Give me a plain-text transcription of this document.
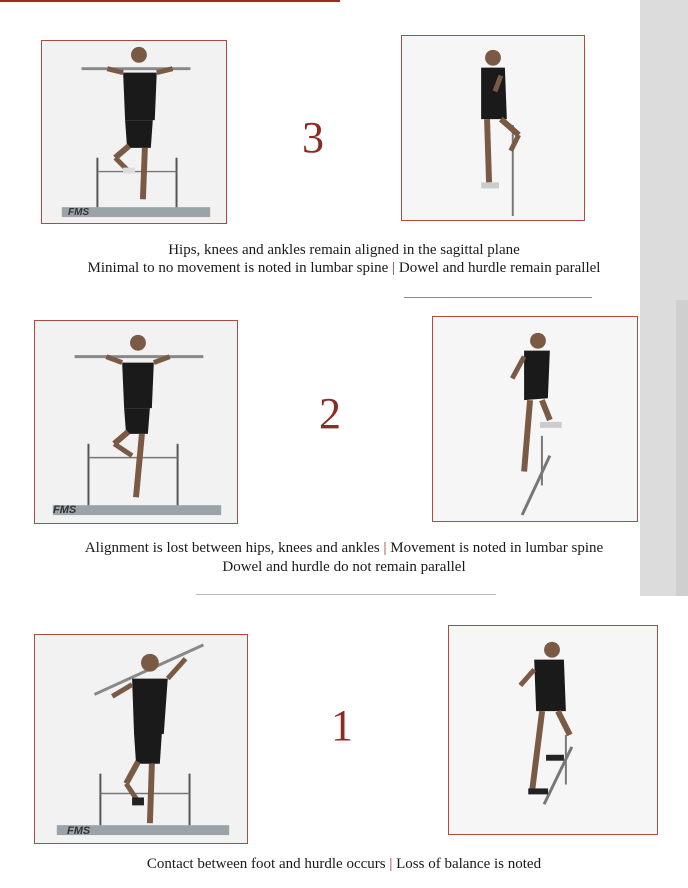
FMS
3
Hips, knees and ankles remain aligned in the sagittal plane
Minimal to no movement is noted in lumbar spine | Dowel and hurdle remain parallel
FMS
2
Alignment is lost between hips, knees and ankles | Movement is noted in lumbar spine
Dowel and hurdle do not remain parallel
FMS
1
Contact between foot and hurdle occurs | Loss of balance is noted
